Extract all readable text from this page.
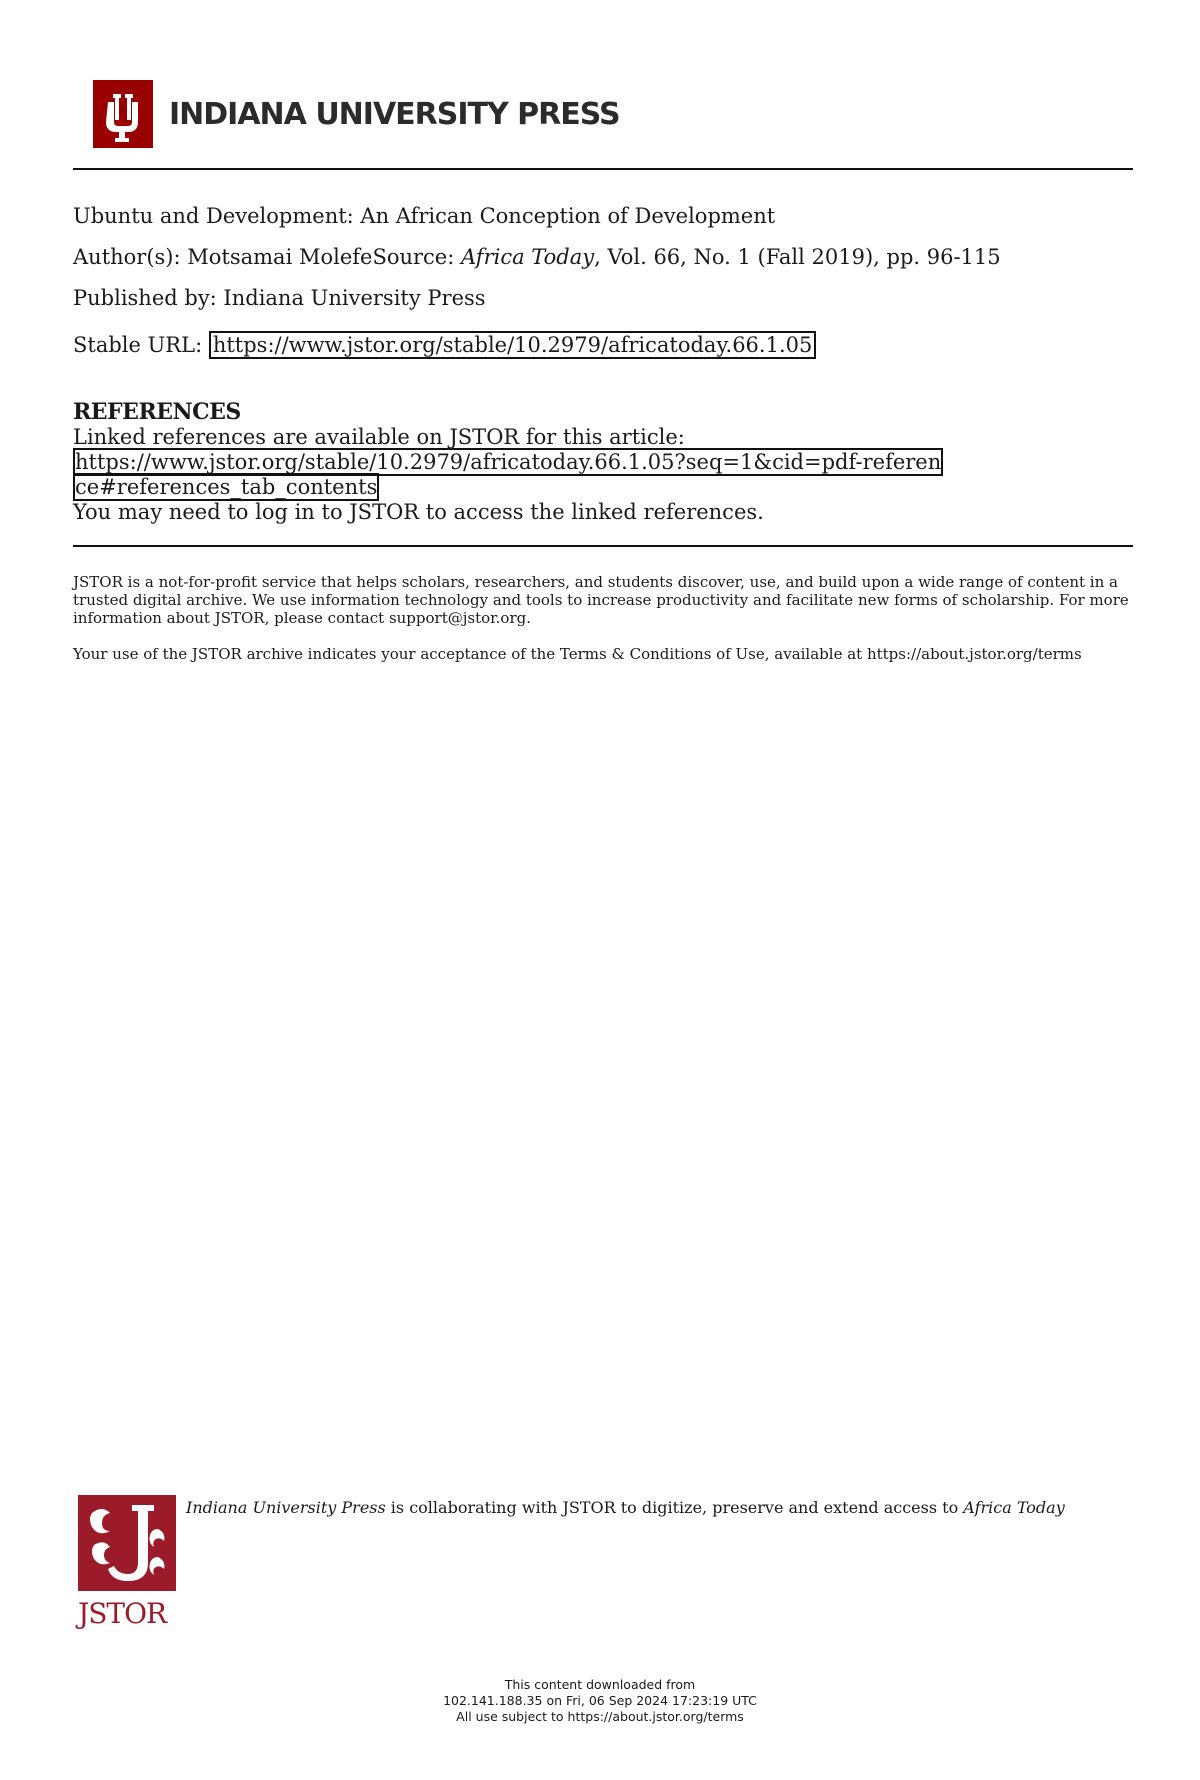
INDIANA UNIVERSITY PRESS
Ubuntu and Development: An African Conception of Development
Author(s): Motsamai MolefeSource: Africa Today, Vol. 66, No. 1 (Fall 2019), pp. 96-115
Published by: Indiana University Press
Stable URL: https://www.jstor.org/stable/10.2979/africatoday.66.1.05
REFERENCES
Linked references are available on JSTOR for this article:
https://www.jstor.org/stable/10.2979/africatoday.66.1.05?seq=1&cid=pdf-reference#references_tab_contents
You may need to log in to JSTOR to access the linked references.
JSTOR is a not-for-profit service that helps scholars, researchers, and students discover, use, and build upon a wide range of content in a trusted digital archive. We use information technology and tools to increase productivity and facilitate new forms of scholarship. For more information about JSTOR, please contact support@jstor.org.
Your use of the JSTOR archive indicates your acceptance of the Terms & Conditions of Use, available at https://about.jstor.org/terms
JSTOR
Indiana University Press is collaborating with JSTOR to digitize, preserve and extend access to Africa Today
This content downloaded from
102.141.188.35 on Fri, 06 Sep 2024 17:23:19 UTC
All use subject to https://about.jstor.org/terms
